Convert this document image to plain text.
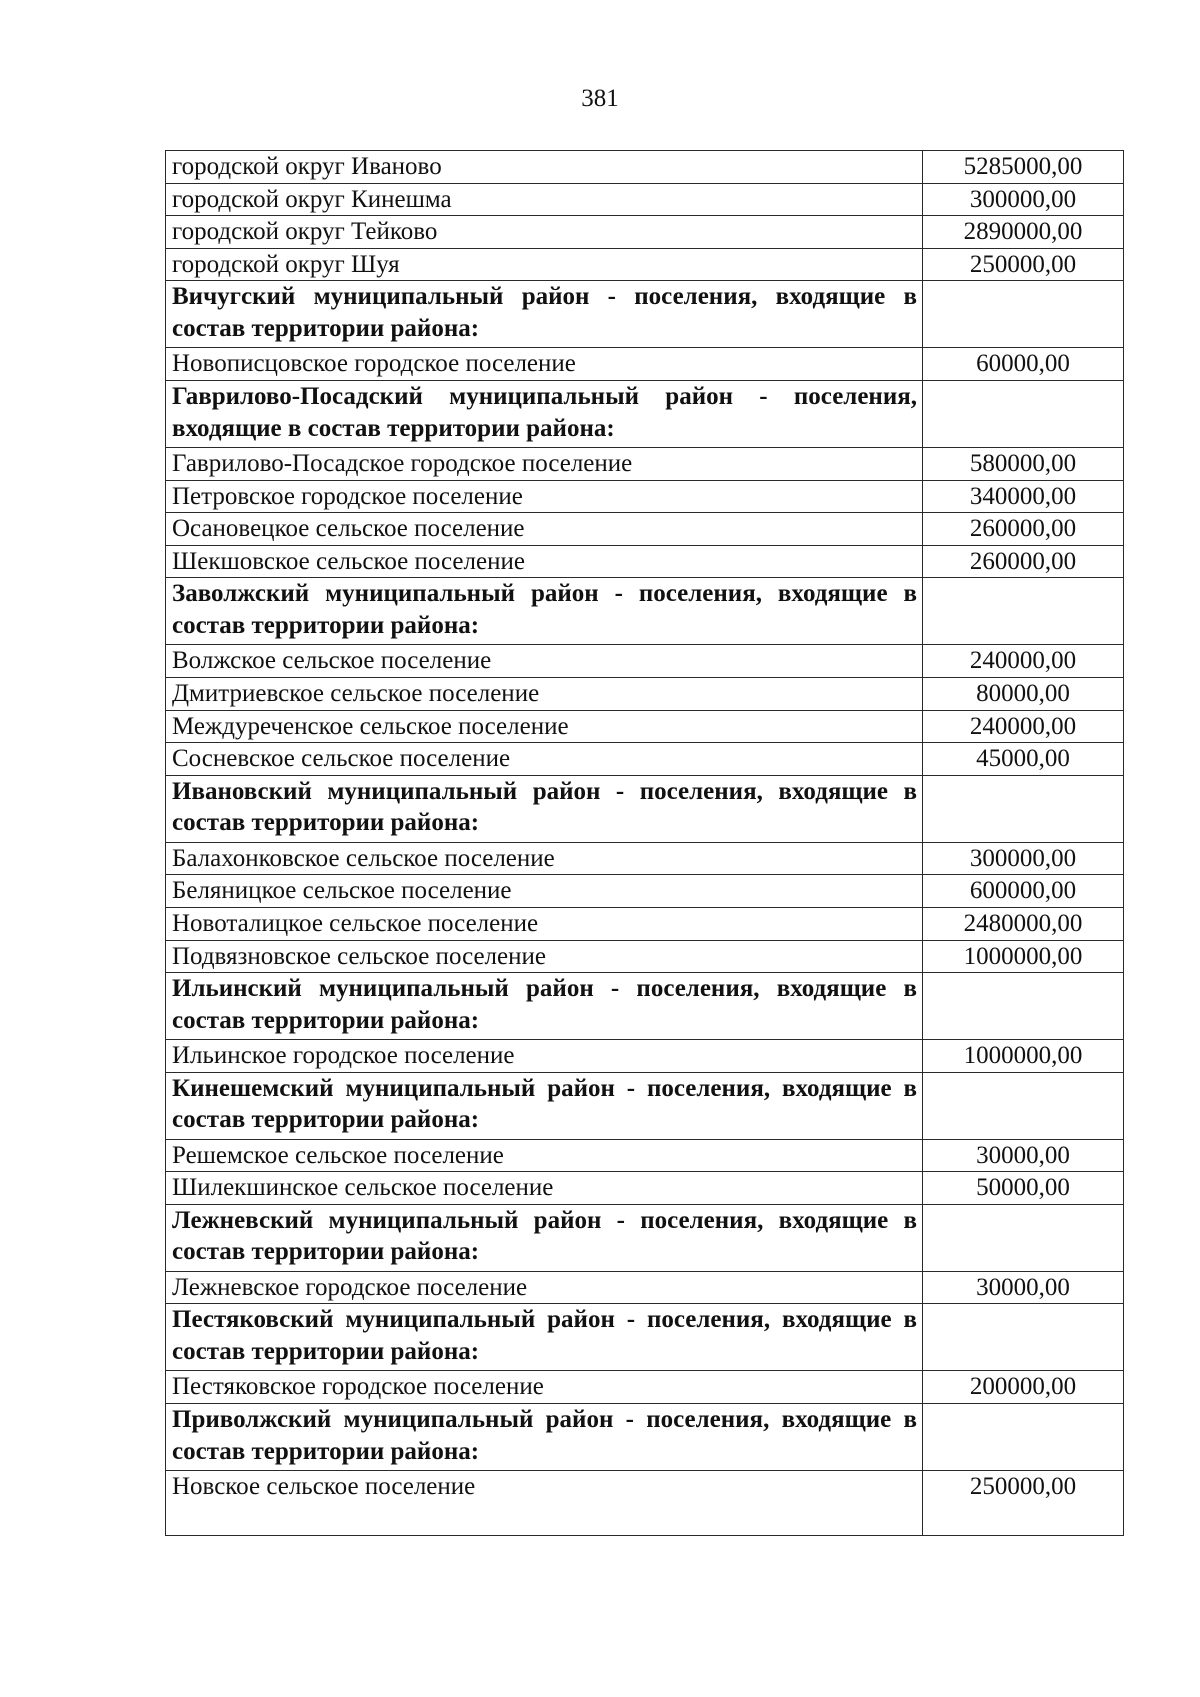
381
городской округ Иваново	5285000,00
городской округ Кинешма	300000,00
городской округ Тейково	2890000,00
городской округ Шуя	250000,00
Вичугский муниципальный район - поселения, входящие в состав территории района:	
Новописцовское городское поселение	60000,00
Гаврилово-Посадский муниципальный район - поселения, входящие в состав территории района:	
Гаврилово-Посадское городское поселение	580000,00
Петровское городское поселение	340000,00
Осановецкое сельское поселение	260000,00
Шекшовское сельское поселение	260000,00
Заволжский муниципальный район - поселения, входящие в состав территории района:	
Волжское сельское поселение	240000,00
Дмитриевское сельское поселение	80000,00
Междуреченское сельское поселение	240000,00
Сосневское сельское поселение	45000,00
Ивановский муниципальный район - поселения, входящие в состав территории района:	
Балахонковское сельское поселение	300000,00
Беляницкое сельское поселение	600000,00
Новоталицкое сельское поселение	2480000,00
Подвязновское сельское поселение	1000000,00
Ильинский муниципальный район - поселения, входящие в состав территории района:	
Ильинское городское поселение	1000000,00
Кинешемский муниципальный район - поселения, входящие в состав территории района:	
Решемское сельское поселение	30000,00
Шилекшинское сельское поселение	50000,00
Лежневский муниципальный район - поселения, входящие в состав территории района:	
Лежневское городское поселение	30000,00
Пестяковский муниципальный район - поселения, входящие в состав территории района:	
Пестяковское городское поселение	200000,00
Приволжский муниципальный район - поселения, входящие в состав территории района:	
Новское сельское поселение	250000,00
